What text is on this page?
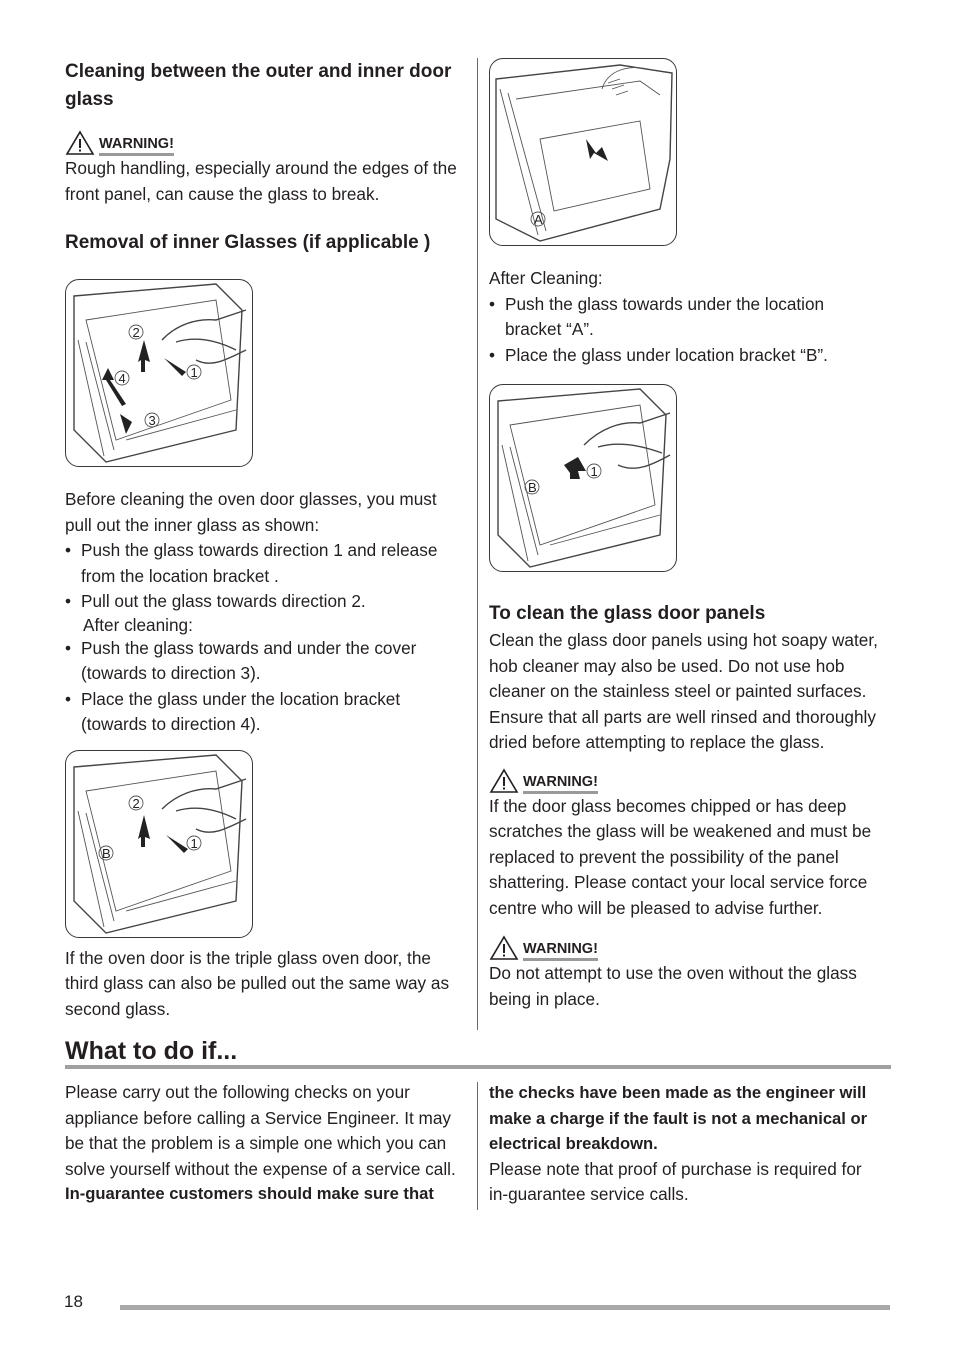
Cleaning between the outer and inner door glass
WARNING!

Rough handling, especially around the edges of the front panel, can cause the glass to break.

Removal of inner Glasses (if applicable )
2
1
4
3

Before cleaning the oven door glasses, you must pull out the inner glass as shown:

• Push the glass towards direction 1 and release from the location bracket .
• Pull out the glass towards direction 2.

After cleaning:

• Push the glass towards and under the cover (towards to direction 3).
• Place the glass under the location bracket (towards to direction 4).
2
B
1

If the oven door is the triple glass oven door, the third glass can also be pulled out the same way as second glass.

A

After Cleaning:

• Push the glass towards under the location bracket “A”.
• Place the glass under location bracket “B”.
B
1
To clean the glass door panels

Clean the glass door panels using hot soapy water, hob cleaner may also be used. Do not use hob cleaner on the stainless steel or painted surfaces. Ensure that all parts are well rinsed and thoroughly dried before attempting to replace the glass.

WARNING!

If the door glass becomes chipped or has deep scratches the glass will be weakened and must be replaced to prevent the possibility of the panel shattering. Please contact your local service force centre who will be pleased to advise further.

WARNING!

Do not attempt to use the oven without the glass being in place.

What to do if...

Please carry out the following checks on your appliance before calling a Service Engineer. It may be that the problem is a simple one which you can solve yourself without the expense of a service call.

In-guarantee customers should make sure that

the checks have been made as the engineer will make a charge if the fault is not a mechanical or electrical breakdown.

Please note that proof of purchase is required for in-guarantee service calls.

18
